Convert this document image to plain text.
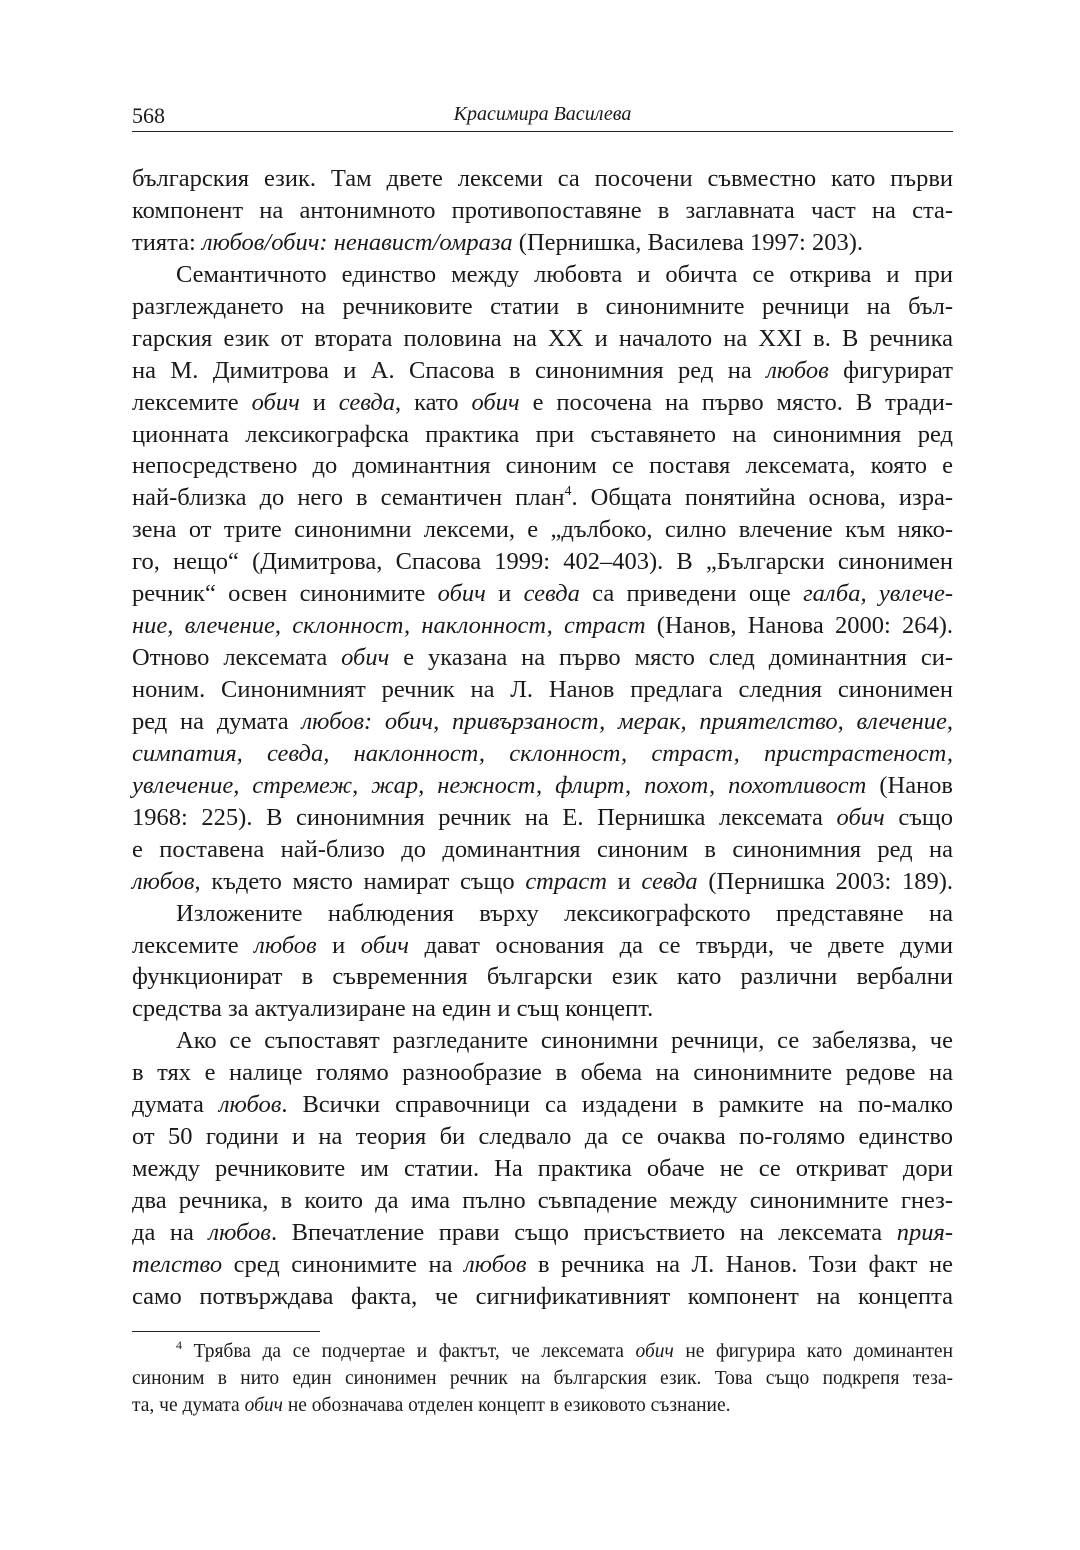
568	Красимира Василева
българския език. Там двете лексеми са посочени съвместно като първи
компонент на антонимното противопоставяне в заглавната част на ста-
тията: любов/обич: ненавист/омраза (Пернишка, Василева 1997: 203).
Семантичното единство между любовта и обичта се открива и при
разглеждането на речниковите статии в синонимните речници на бъл-
гарския език от втората половина на XX и началото на XXI в. В речника
на М. Димитрова и А. Спасова в синонимния ред на любов фигурират
лексемите обич и севда, като обич е посочена на първо място. В тради-
ционната лексикографска практика при съставянето на синонимния ред
непосредствено до доминантния синоним се поставя лексемата, която е
най-близка до него в семантичен план$^4$. Общата понятийна основа, изра-
зена от трите синонимни лексеми, е „дълбоко, силно влечение към няко-
го, нещо“ (Димитрова, Спасова 1999: 402–403). В „Български синонимен
речник“ освен синонимите обич и севда са приведени още галба, увлече-
ние, влечение, склонност, наклонност, страст (Нанов, Нанова 2000: 264).
Отново лексемата обич е указана на първо място след доминантния си-
ноним. Синонимният речник на Л. Нанов предлага следния синонимен
ред на думата любов: обич, привързаност, мерак, приятелство, влечение,
симпатия, севда, наклонност, склонност, страст, пристрастеност,
увлечение, стремеж, жар, нежност, флирт, похот, похотливост (Нанов
1968: 225). В синонимния речник на Е. Пернишка лексемата обич също
е поставена най-близо до доминантния синоним в синонимния ред на
любов, където място намират също страст и севда (Пернишка 2003: 189).
Изложените наблюдения върху лексикографското представяне на
лексемите любов и обич дават основания да се твърди, че двете думи
функционират в съвременния български език като различни вербални
средства за актуализиране на един и същ концепт.
Ако се съпоставят разгледаните синонимни речници, се забелязва, че
в тях е налице голямо разнообразие в обема на синонимните редове на
думата любов. Всички справочници са издадени в рамките на по-малко
от 50 години и на теория би следвало да се очаква по-голямо единство
между речниковите им статии. На практика обаче не се откриват дори
два речника, в които да има пълно съвпадение между синонимните гнез-
да на любов. Впечатление прави също присъствието на лексемата прия-
телство сред синонимите на любов в речника на Л. Нанов. Този факт не
само потвърждава факта, че сигнификативният компонент на концепта
$^4$ Трябва да се подчертае и фактът, че лексемата обич не фигурира като доминантен
синоним в нито един синонимен речник на българския език. Това също подкрепя теза-
та, че думата обич не обозначава отделен концепт в езиковото съзнание.
